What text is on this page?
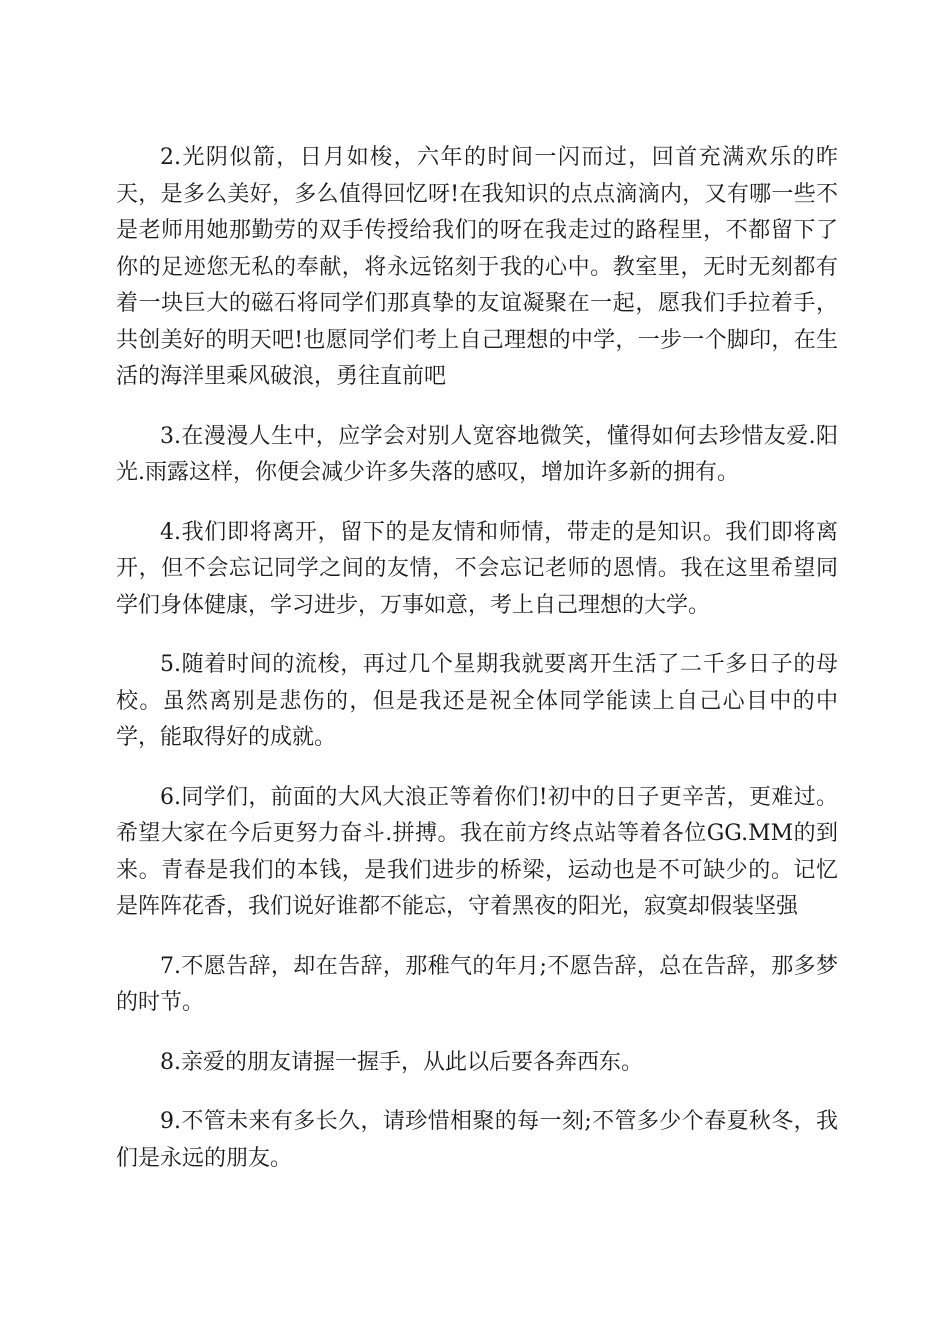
2.光阴似箭，日月如梭，六年的时间一闪而过，回首充满欢乐的昨天，是多么美好，多么值得回忆呀!在我知识的点点滴滴内，又有哪一些不是老师用她那勤劳的双手传授给我们的呀在我走过的路程里，不都留下了你的足迹您无私的奉献，将永远铭刻于我的心中。教室里，无时无刻都有着一块巨大的磁石将同学们那真挚的友谊凝聚在一起，愿我们手拉着手，共创美好的明天吧!也愿同学们考上自己理想的中学，一步一个脚印，在生活的海洋里乘风破浪，勇往直前吧

3.在漫漫人生中，应学会对别人宽容地微笑，懂得如何去珍惜友爱.阳光.雨露这样，你便会减少许多失落的感叹，增加许多新的拥有。

4.我们即将离开，留下的是友情和师情，带走的是知识。我们即将离开，但不会忘记同学之间的友情，不会忘记老师的恩情。我在这里希望同学们身体健康，学习进步，万事如意，考上自己理想的大学。

5.随着时间的流梭，再过几个星期我就要离开生活了二千多日子的母校。虽然离别是悲伤的，但是我还是祝全体同学能读上自己心目中的中学，能取得好的成就。

6.同学们，前面的大风大浪正等着你们!初中的日子更辛苦，更难过。希望大家在今后更努力奋斗.拼搏。我在前方终点站等着各位GG.MM的到来。青春是我们的本钱，是我们进步的桥梁，运动也是不可缺少的。记忆是阵阵花香，我们说好谁都不能忘，守着黑夜的阳光，寂寞却假装坚强

7.不愿告辞，却在告辞，那稚气的年月;不愿告辞，总在告辞，那多梦的时节。

8.亲爱的朋友请握一握手，从此以后要各奔西东。

9.不管未来有多长久，请珍惜相聚的每一刻;不管多少个春夏秋冬，我们是永远的朋友。
